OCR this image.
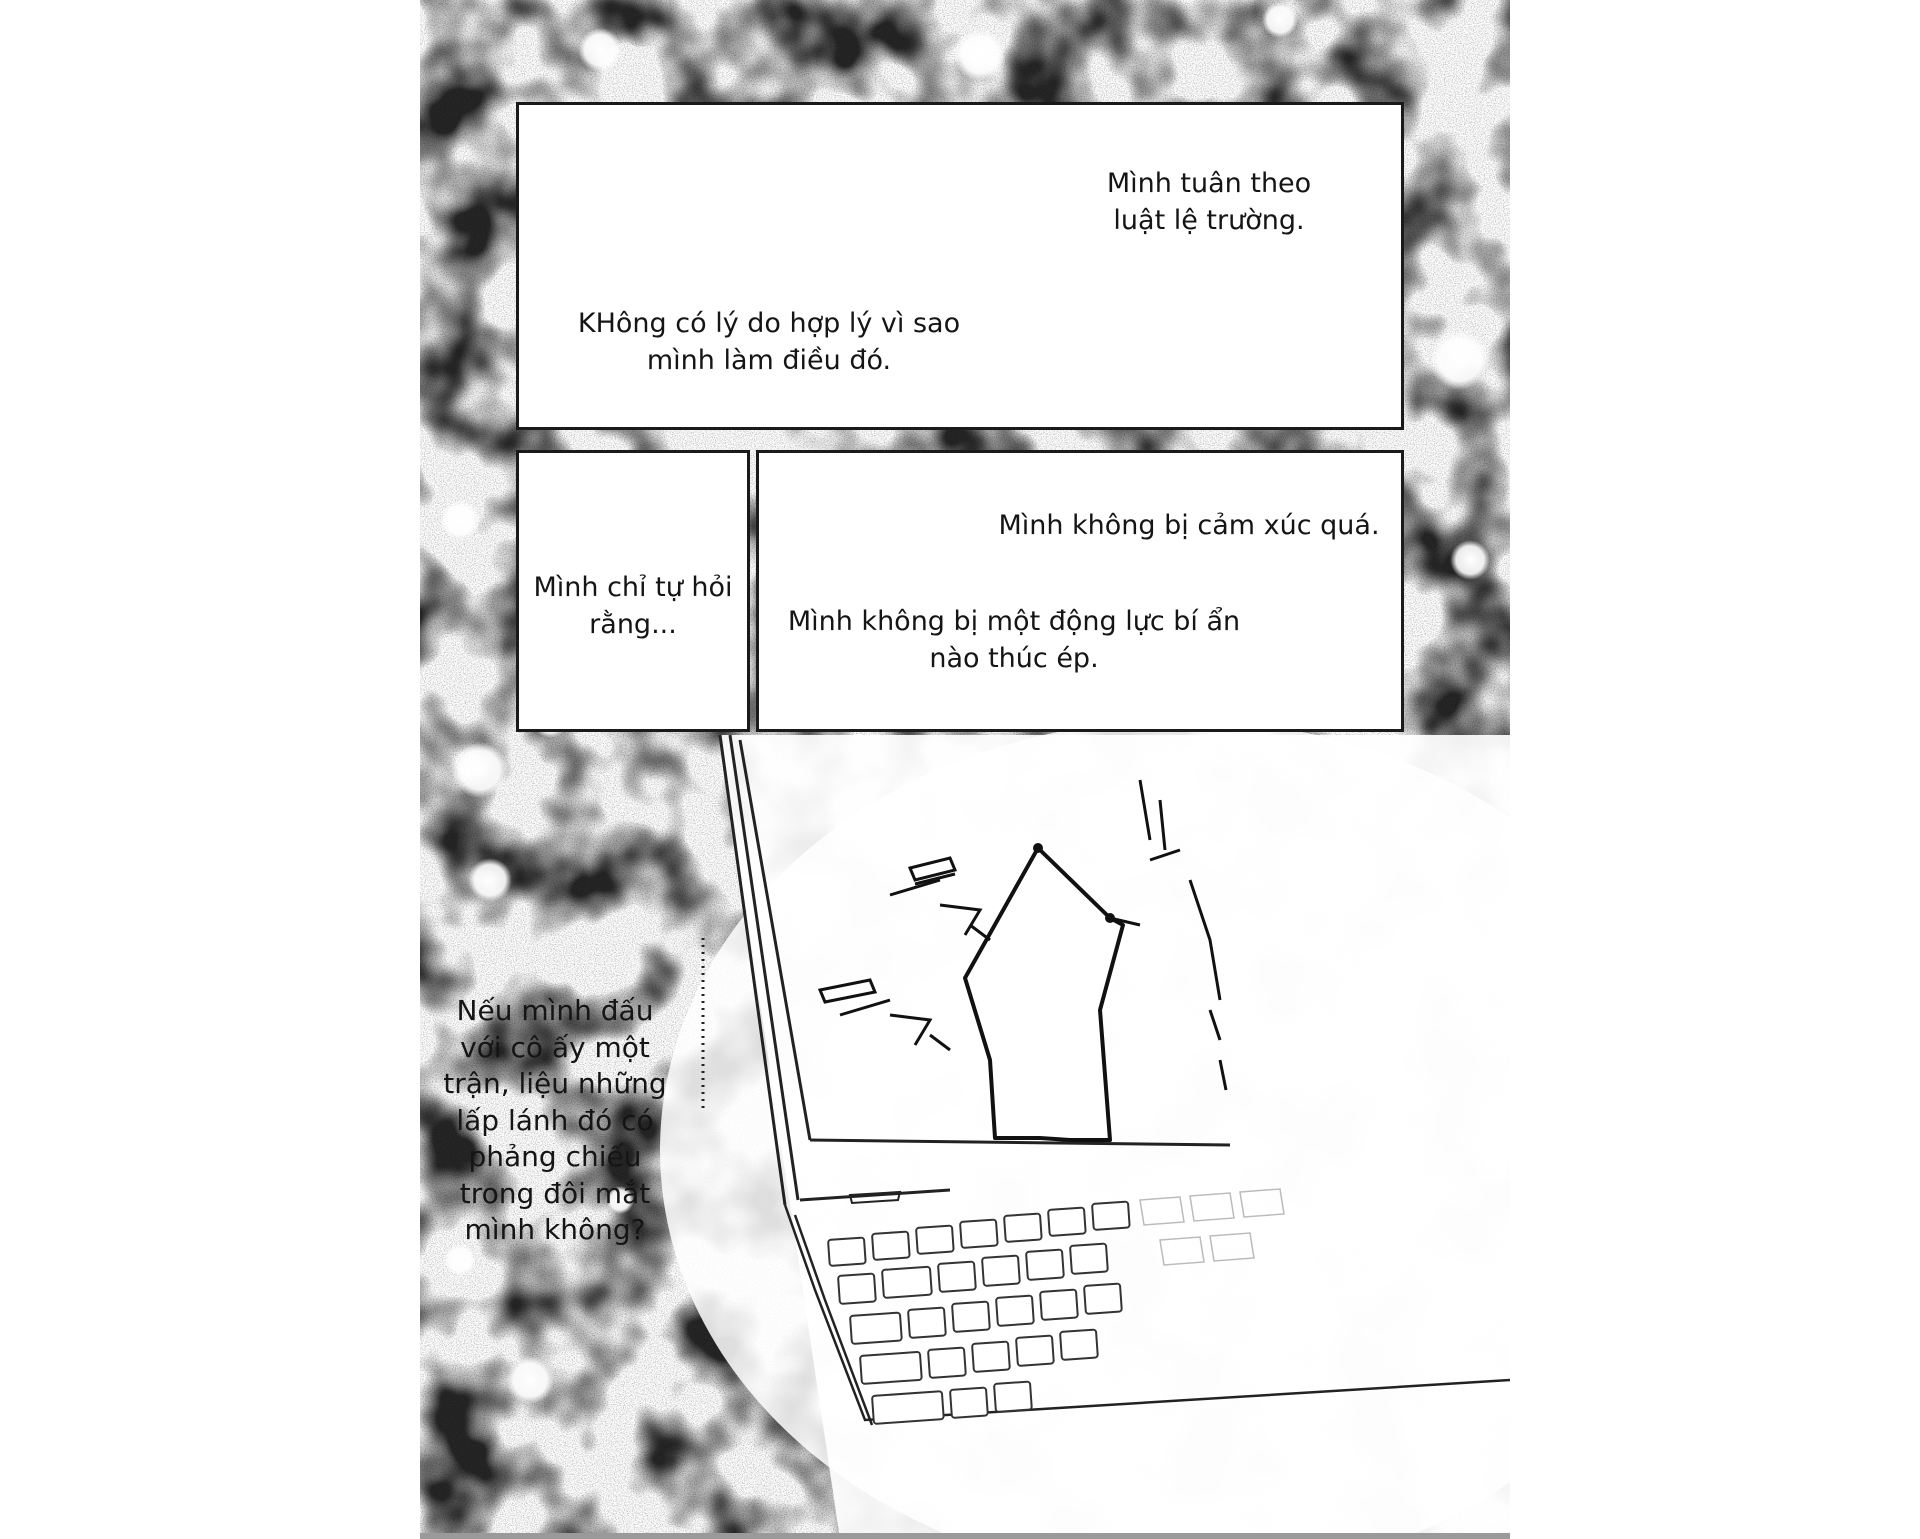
Mình tuân theo
luật lệ trường.
KHông có lý do hợp lý vì sao
mình làm điều đó.
Mình chỉ tự hỏi
rằng...
Mình không bị cảm xúc quá.
Mình không bị một động lực bí ẩn
nào thúc ép.
Nếu mình đấu
với cô ấy một
trận, liệu những
lấp lánh đó có
phảng chiếu
trong đôi mắt
mình không?
